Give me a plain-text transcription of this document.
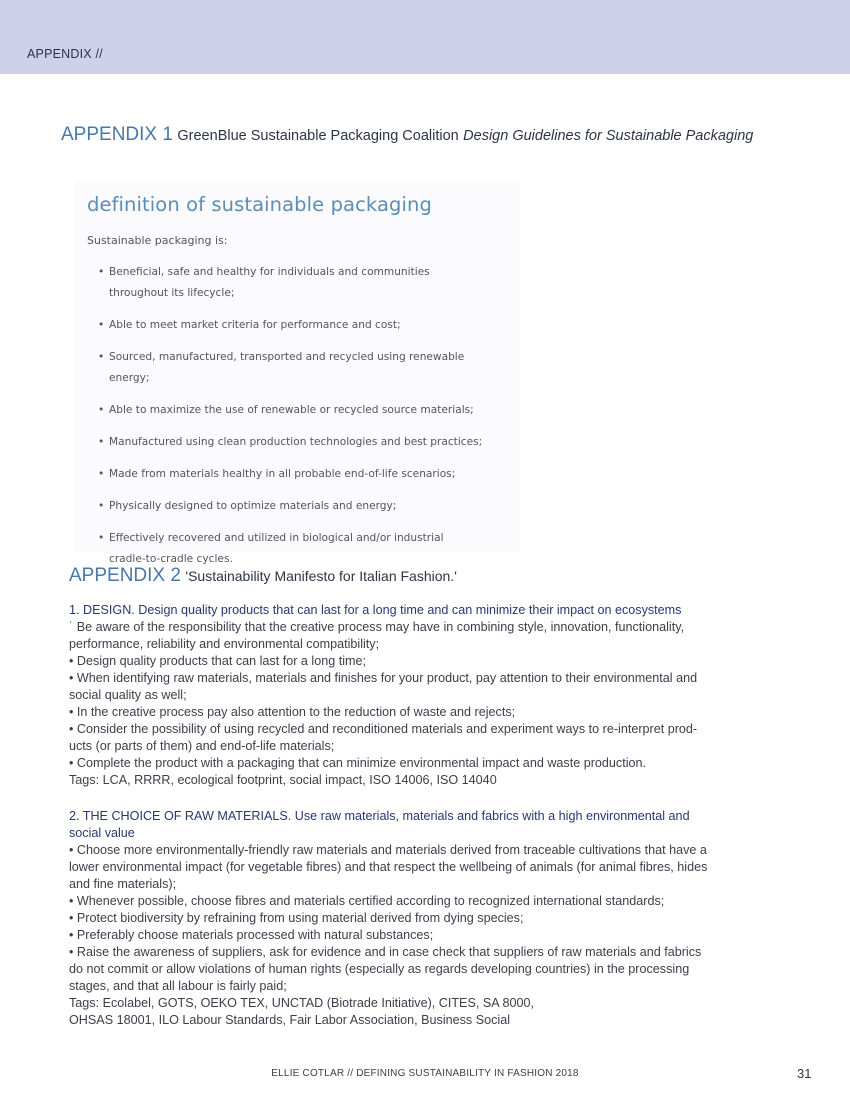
APPENDIX //
APPENDIX 1 GreenBlue Sustainable Packaging Coalition Design Guidelines for Sustainable Packaging
definition of sustainable packaging
Sustainable packaging is:
• Beneficial, safe and healthy for individuals and communities
throughout its lifecycle;
• Able to meet market criteria for performance and cost;
• Sourced, manufactured, transported and recycled using renewable energy;
• Able to maximize the use of renewable or recycled source materials;
• Manufactured using clean production technologies and best practices;
• Made from materials healthy in all probable end-of-life scenarios;
• Physically designed to optimize materials and energy;
• Effectively recovered and utilized in biological and/or industrial
cradle-to-cradle cycles.
APPENDIX 2 'Sustainability Manifesto for Italian Fashion.'

1. DESIGN. Design quality products that can last for a long time and can minimize their impact on ecosystems

˙ Be aware of the responsibility that the creative process may have in combining style, innovation, functionality,

performance, reliability and environmental compatibility;

• Design quality products that can last for a long time;

• When identifying raw materials, materials and finishes for your product, pay attention to their environmental and

social quality as well;

• In the creative process pay also attention to the reduction of waste and rejects;

• Consider the possibility of using recycled and reconditioned materials and experiment ways to re-interpret prod-

ucts (or parts of them) and end-of-life materials;

• Complete the product with a packaging that can minimize environmental impact and waste production.

Tags: LCA, RRRR, ecological footprint, social impact, ISO 14006, ISO 14040

2. THE CHOICE OF RAW MATERIALS. Use raw materials, materials and fabrics with a high environmental and

social value

• Choose more environmentally-friendly raw materials and materials derived from traceable cultivations that have a

lower environmental impact (for vegetable fibres) and that respect the wellbeing of animals (for animal fibres, hides

and fine materials);

• Whenever possible, choose fibres and materials certified according to recognized international standards;

• Protect biodiversity by refraining from using material derived from dying species;

• Preferably choose materials processed with natural substances;

• Raise the awareness of suppliers, ask for evidence and in case check that suppliers of raw materials and fabrics

do not commit or allow violations of human rights (especially as regards developing countries) in the processing

stages, and that all labour is fairly paid;

Tags: Ecolabel, GOTS, OEKO TEX, UNCTAD (Biotrade Initiative), CITES, SA 8000,

OHSAS 18001, ILO Labour Standards, Fair Labor Association, Business Social

ELLIE COTLAR // DEFINING SUSTAINABILITY IN FASHION 2018	31
